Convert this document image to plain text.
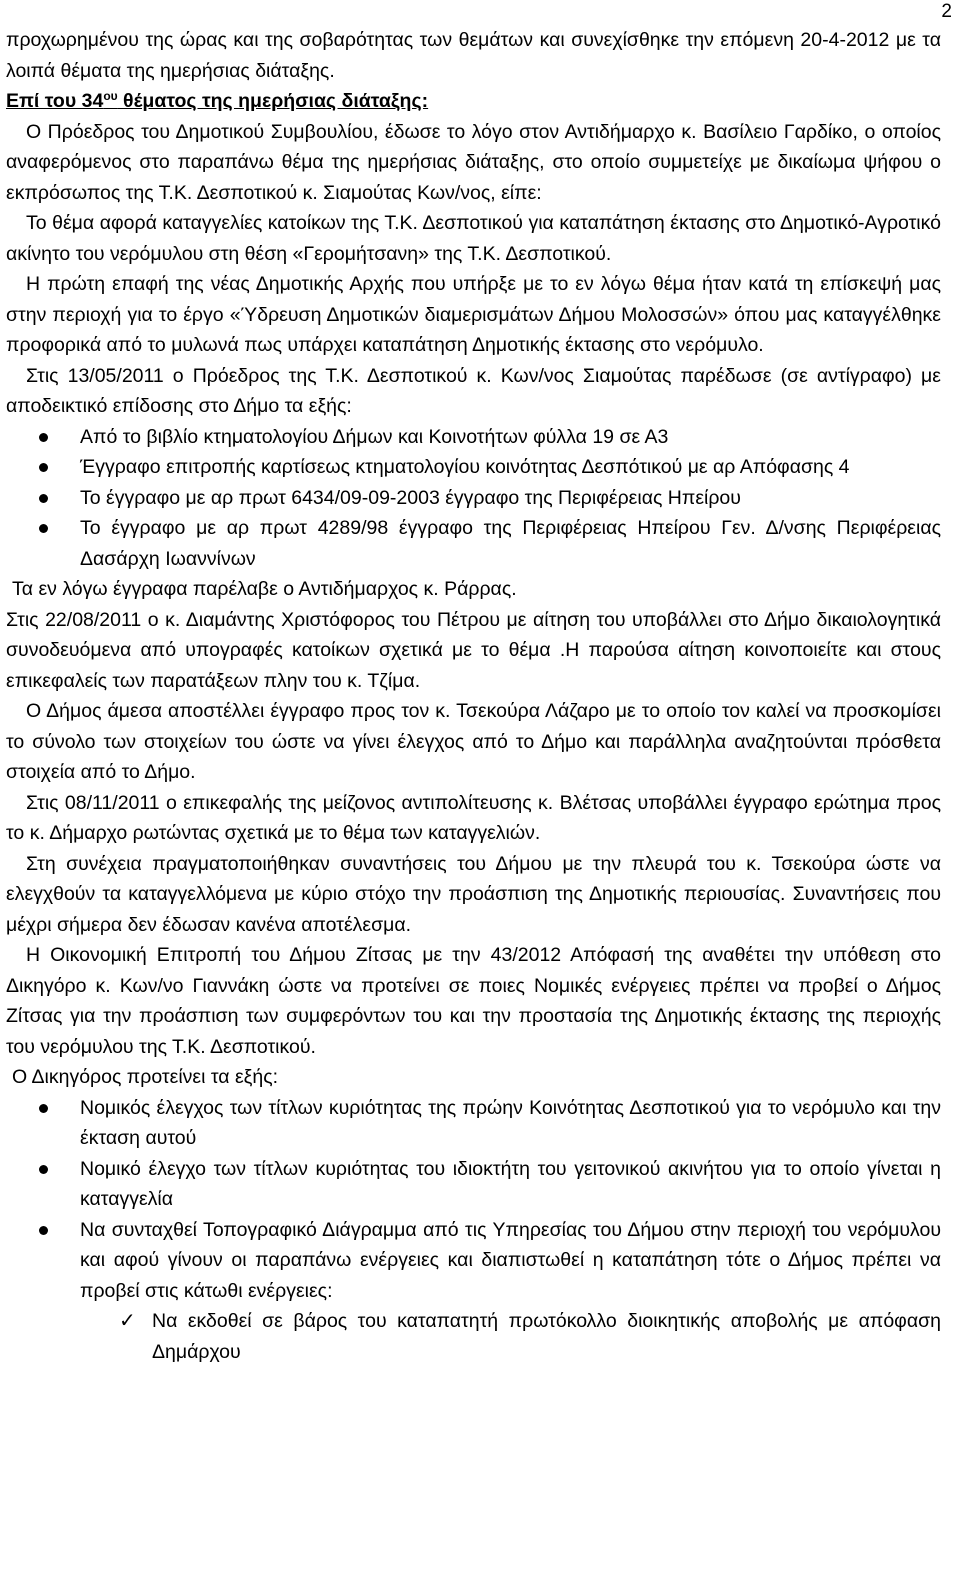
2

προχωρημένου της ώρας και της σοβαρότητας των θεμάτων και συνεχίσθηκε την επόμενη 20-4-2012 με τα λοιπά θέματα της ημερήσιας διάταξης.

Επί του $34^{o\upsilon}$ θέματος της ημερήσιας διάταξης:

Ο Πρόεδρος του Δημοτικού Συμβουλίου, έδωσε το λόγο στον Αντιδήμαρχο κ. Βασίλειο Γαρδίκο, ο οποίος αναφερόμενος στο παραπάνω θέμα της ημερήσιας διάταξης, στο οποίο συμμετείχε με δικαίωμα ψήφου ο εκπρόσωπος της Τ.Κ. Δεσποτικού κ. Σιαμούτας Κων/νος, είπε:

Το θέμα αφορά καταγγελίες κατοίκων της Τ.Κ. Δεσποτικού για καταπάτηση έκτασης στο Δημοτικό-Αγροτικό ακίνητο του νερόμυλου στη θέση «Γερομήτσανη» της Τ.Κ. Δεσποτικού.

Η πρώτη επαφή της νέας Δημοτικής Αρχής που υπήρξε με το εν λόγω θέμα ήταν κατά τη επίσκεψή μας στην περιοχή για το έργο «Ύδρευση Δημοτικών διαμερισμάτων Δήμου Μολοσσών» όπου μας καταγγέλθηκε προφορικά από το μυλωνά πως υπάρχει καταπάτηση Δημοτικής έκτασης στο νερόμυλο.

Στις 13/05/2011 ο Πρόεδρος της Τ.Κ. Δεσποτικού κ. Κων/νος Σιαμούτας παρέδωσε (σε αντίγραφο) με αποδεικτικό επίδοσης στο Δήμο τα εξής:

Από το βιβλίο κτηματολογίου Δήμων και Κοινοτήτων φύλλα 19 σε Α3
Έγγραφο επιτροπής καρτίσεως κτηματολογίου κοινότητας Δεσπότικού με αρ Απόφασης 4
Το έγγραφο με αρ πρωτ 6434/09-09-2003 έγγραφο της Περιφέρειας Ηπείρου
Το έγγραφο με αρ πρωτ 4289/98 έγγραφο της Περιφέρειας Ηπείρου Γεν. Δ/νσης Περιφέρειας Δασάρχη Ιωαννίνων

Τα εν λόγω έγγραφα παρέλαβε ο Αντιδήμαρχος κ. Ράρρας.

Στις 22/08/2011 ο κ. Διαμάντης Χριστόφορος του Πέτρου με αίτηση του υποβάλλει στο Δήμο δικαιολογητικά συνοδευόμενα από υπογραφές κατοίκων σχετικά με το θέμα .Η παρούσα αίτηση κοινοποιείτε και στους επικεφαλείς των παρατάξεων πλην του κ. Τζίμα.

Ο Δήμος άμεσα αποστέλλει έγγραφο προς τον κ. Τσεκούρα Λάζαρο με το οποίο τον καλεί να προσκομίσει το σύνολο των στοιχείων του ώστε να γίνει έλεγχος από το Δήμο και παράλληλα αναζητούνται πρόσθετα στοιχεία από το Δήμο.

Στις 08/11/2011 ο επικεφαλής της μείζονος αντιπολίτευσης κ. Βλέτσας υποβάλλει έγγραφο ερώτημα προς το κ. Δήμαρχο ρωτώντας σχετικά με το θέμα των καταγγελιών.

Στη συνέχεια πραγματοποιήθηκαν συναντήσεις του Δήμου με την πλευρά του κ. Τσεκούρα ώστε να ελεγχθούν τα καταγγελλόμενα με κύριο στόχο την προάσπιση της Δημοτικής περιουσίας. Συναντήσεις που μέχρι σήμερα δεν έδωσαν κανένα αποτέλεσμα.

Η Οικονομική Επιτροπή του Δήμου Ζίτσας με την 43/2012 Απόφασή της αναθέτει την υπόθεση στο Δικηγόρο κ. Κων/νο Γιαννάκη ώστε να προτείνει σε ποιες Νομικές ενέργειες πρέπει να προβεί ο Δήμος Ζίτσας για την προάσπιση των συμφερόντων του και την προστασία της Δημοτικής έκτασης της περιοχής του νερόμυλου της Τ.Κ. Δεσποτικού.

Ο Δικηγόρος προτείνει τα εξής:

Νομικός έλεγχος των τίτλων κυριότητας της πρώην Κοινότητας Δεσποτικού για το νερόμυλο και την έκταση αυτού
Νομικό έλεγχο των τίτλων κυριότητας του ιδιοκτήτη του γειτονικού ακινήτου για το οποίο γίνεται η καταγγελία
Να συνταχθεί Τοπογραφικό Διάγραμμα από τις Υπηρεσίας του Δήμου στην περιοχή του νερόμυλου και αφού γίνουν οι παραπάνω ενέργειες και διαπιστωθεί η καταπάτηση τότε ο Δήμος πρέπει να προβεί στις κάτωθι ενέργειες:
✓ Να εκδοθεί σε βάρος του καταπατητή πρωτόκολλο διοικητικής αποβολής με απόφαση Δημάρχου
